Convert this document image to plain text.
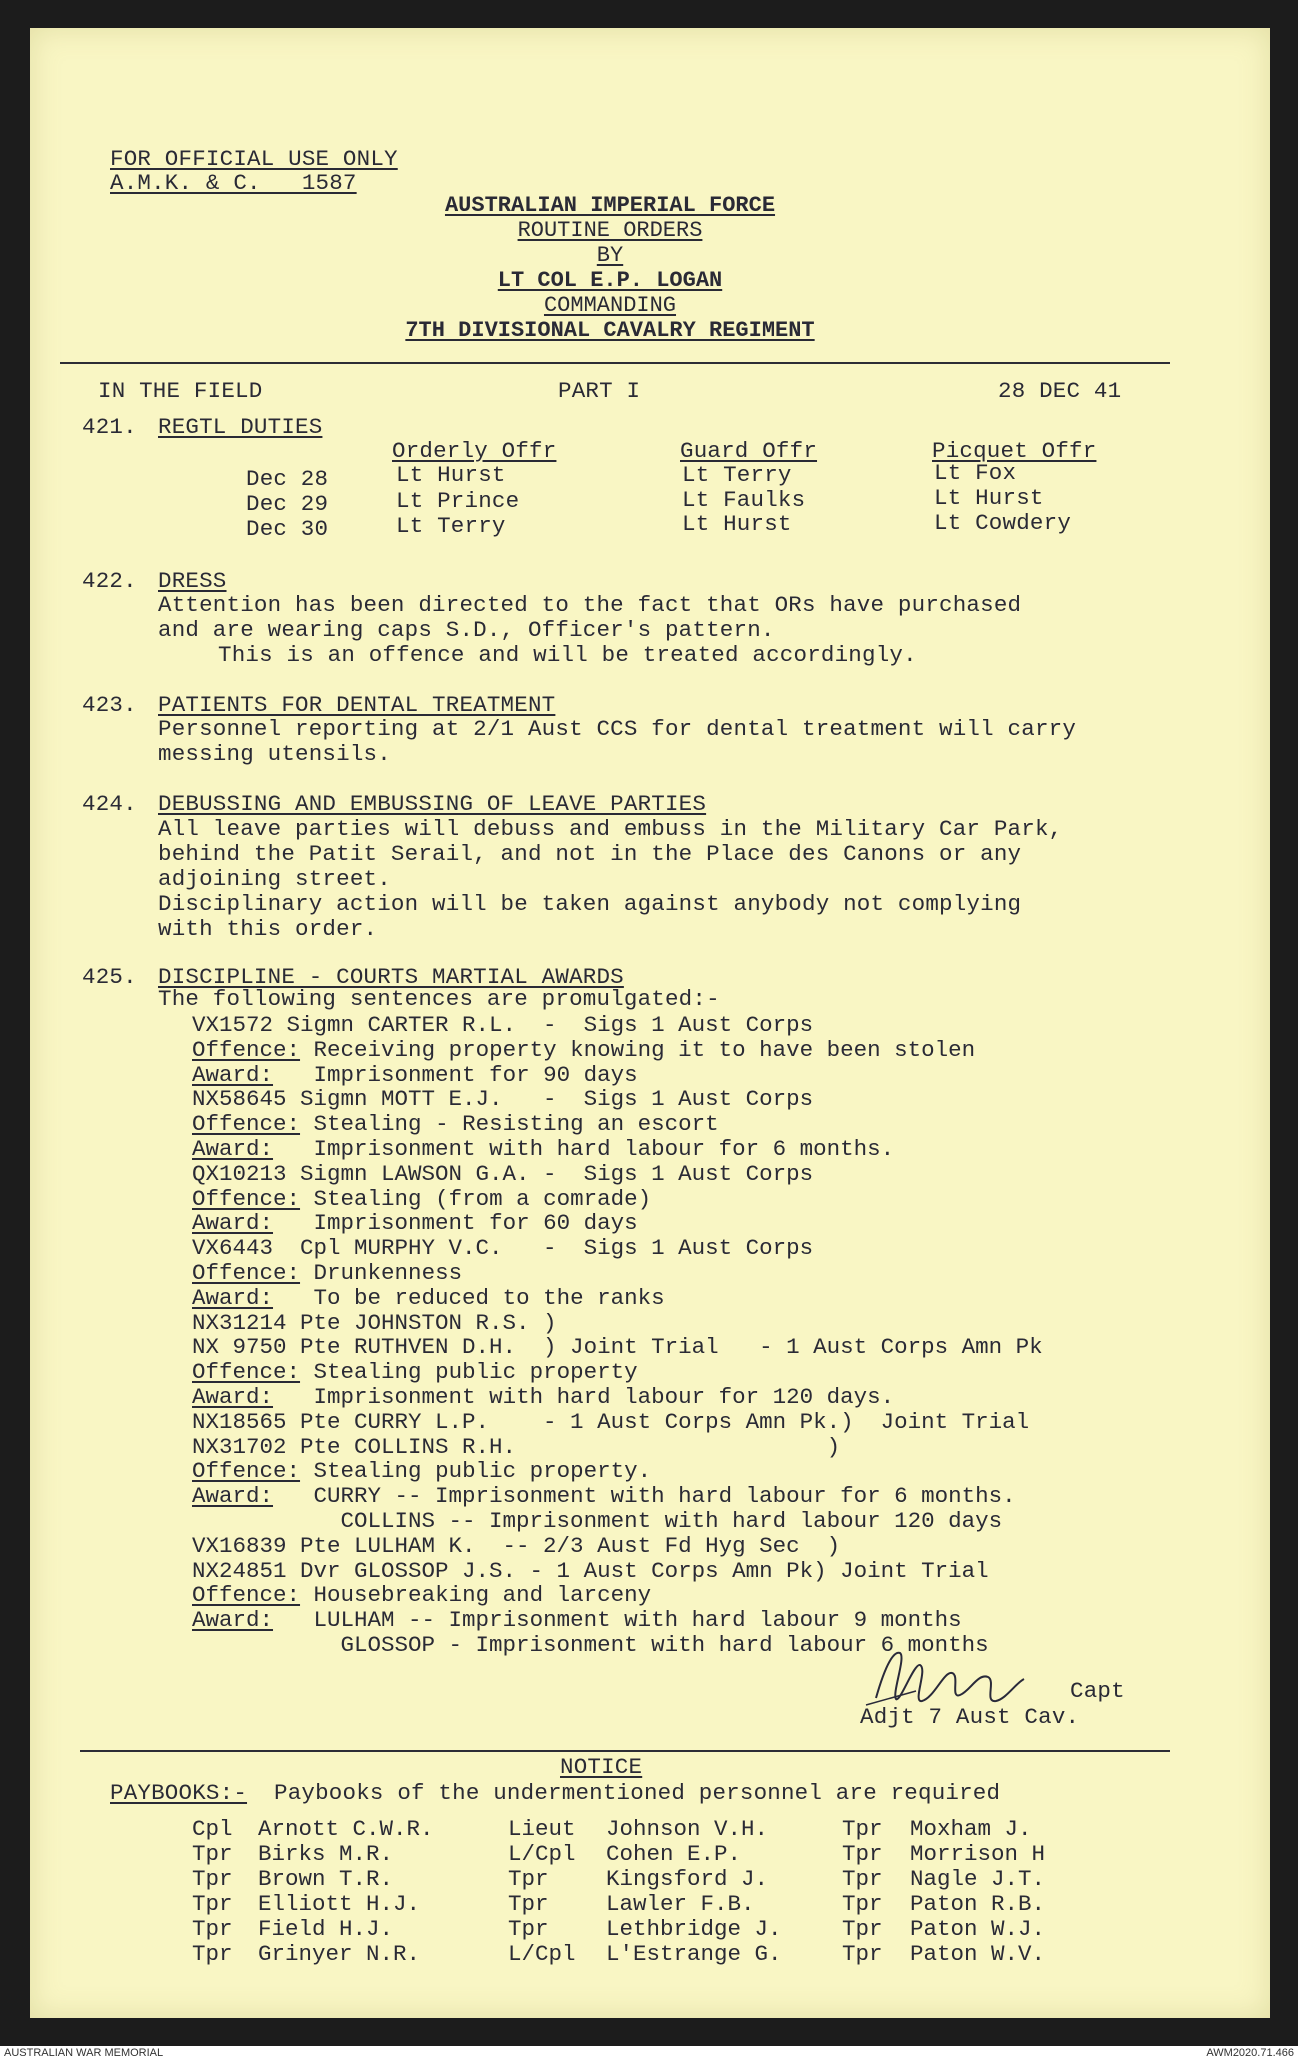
FOR OFFICIAL USE ONLY
A.M.K. & C.   1587
AUSTRALIAN IMPERIAL FORCE
ROUTINE ORDERS
BY
LT COL E.P. LOGAN
COMMANDING
7TH DIVISIONAL CAVALRY REGIMENT
IN THE FIELD	PART I	28 DEC 41
421. REGTL DUTIES
Orderly Offr	Guard Offr	Picquet Offr
Dec 28	Lt Hurst	Lt Terry	Lt Fox
Dec 29	Lt Prince	Lt Faulks	Lt Hurst
Dec 30	Lt Terry	Lt Hurst	Lt Cowdery
422. DRESS
Attention has been directed to the fact that ORs have purchased
and are wearing caps S.D., Officer's pattern.
This is an offence and will be treated accordingly.
423. PATIENTS FOR DENTAL TREATMENT
Personnel reporting at 2/1 Aust CCS for dental treatment will carry
messing utensils.
424. DEBUSSING AND EMBUSSING OF LEAVE PARTIES
All leave parties will debuss and embuss in the Military Car Park,
behind the Patit Serail, and not in the Place des Canons or any
adjoining street.
Disciplinary action will be taken against anybody not complying
with this order.
425. DISCIPLINE - COURTS MARTIAL AWARDS
The following sentences are promulgated:-
VX1572 Sigmn CARTER R.L.  -  Sigs 1 Aust Corps
Offence: Receiving property knowing it to have been stolen
Award:   Imprisonment for 90 days
NX58645 Sigmn MOTT E.J.   -  Sigs 1 Aust Corps
Offence: Stealing - Resisting an escort
Award:   Imprisonment with hard labour for 6 months.
QX10213 Sigmn LAWSON G.A. -  Sigs 1 Aust Corps
Offence: Stealing (from a comrade)
Award:   Imprisonment for 60 days
VX6443  Cpl MURPHY V.C.   -  Sigs 1 Aust Corps
Offence: Drunkenness
Award:   To be reduced to the ranks
NX31214 Pte JOHNSTON R.S. )
NX 9750 Pte RUTHVEN D.H.  ) Joint Trial   - 1 Aust Corps Amn Pk
Offence: Stealing public property
Award:   Imprisonment with hard labour for 120 days.
NX18565 Pte CURRY L.P.    - 1 Aust Corps Amn Pk.)  Joint Trial
NX31702 Pte COLLINS R.H.                       )
Offence: Stealing public property.
Award:   CURRY -- Imprisonment with hard labour for 6 months.
COLLINS -- Imprisonment with hard labour 120 days
VX16839 Pte LULHAM K.  -- 2/3 Aust Fd Hyg Sec  )
NX24851 Dvr GLOSSOP J.S. - 1 Aust Corps Amn Pk) Joint Trial
Offence: Housebreaking and larceny
Award:   LULHAM -- Imprisonment with hard labour 9 months
GLOSSOP - Imprisonment with hard labour 6 months
Capt
Adjt 7 Aust Cav.
NOTICE
PAYBOOKS:- Paybooks of the undermentioned personnel are required
Cpl Arnott C.W.R.	Lieut Johnson V.H.	Tpr Moxham J.
Tpr Birks M.R.	L/Cpl Cohen E.P.	Tpr Morrison H
Tpr Brown T.R.	Tpr	Kingsford J.	Tpr Nagle J.T.
Tpr Elliott H.J.	Tpr	Lawler F.B.	Tpr Paton R.B.
Tpr Field H.J.	Tpr	Lethbridge J.	Tpr Paton W.J.
Tpr Grinyer N.R.	L/Cpl L'Estrange G.	Tpr Paton W.V.
AUSTRALIAN WAR MEMORIAL	AWM2020.71.466
